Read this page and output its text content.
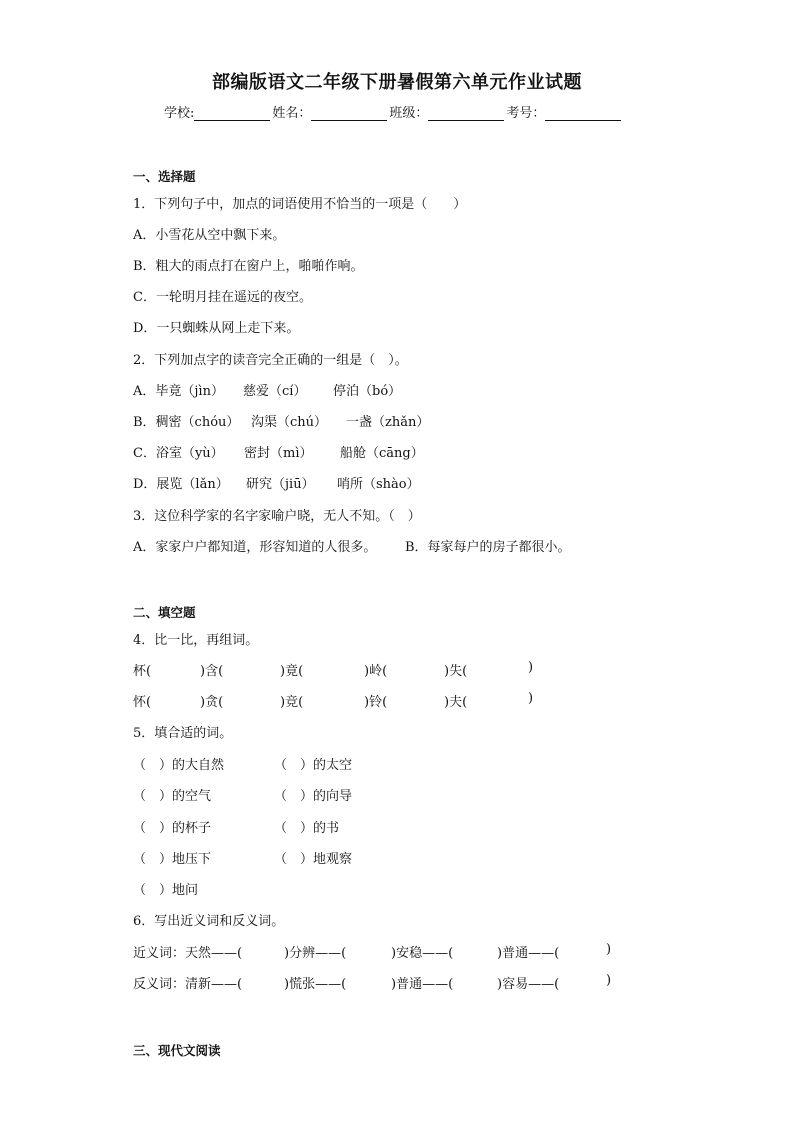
部编版语文二年级下册暑假第六单元作业试题
学校:	姓名：	班级：	考号：
一、选择题
1．下列句子中，加点的词语使用不恰当的一项是（　　）
A．小雪花从空中飘下来。
B．粗大的雨点打在窗户上，啪啪作响。
C．一轮明月挂在遥远的夜空。
D．一只蜘蛛从网上走下来。
2．下列加点字的读音完全正确的一组是（　）。
A．毕竟（jìn） 慈爱（cí） 停泊（bó）
B．稠密（chóu） 沟渠（chú） 一盏（zhǎn）
C．浴室（yù） 密封（mì） 船舱（cāng）
D．展览（lǎn） 研究（jiū） 哨所（shào）
3．这位科学家的名字家喻户晓，无人不知。（　）
A．家家户户都知道，形容知道的人很多。 B．每家每户的房子都很小。
二、填空题
4．比一比，再组词。
杯(	)含(	)竟(	)岭(	)失(	)
怀(	)贪(	)竞(	)铃(	)夫(	)
5．填合适的词。
（　）的大自然	（　）的太空
（　）的空气	（　）的向导
（　）的杯子	（　）的书
（　）地压下	（　）地观察
（　）地问
6．写出近义词和反义词。
近义词：天然——(	)分辨——(	)安稳——(	)普通——(	)
反义词：清新——(	)慌张——(	)普通——(	)容易——(	)
三、现代文阅读
